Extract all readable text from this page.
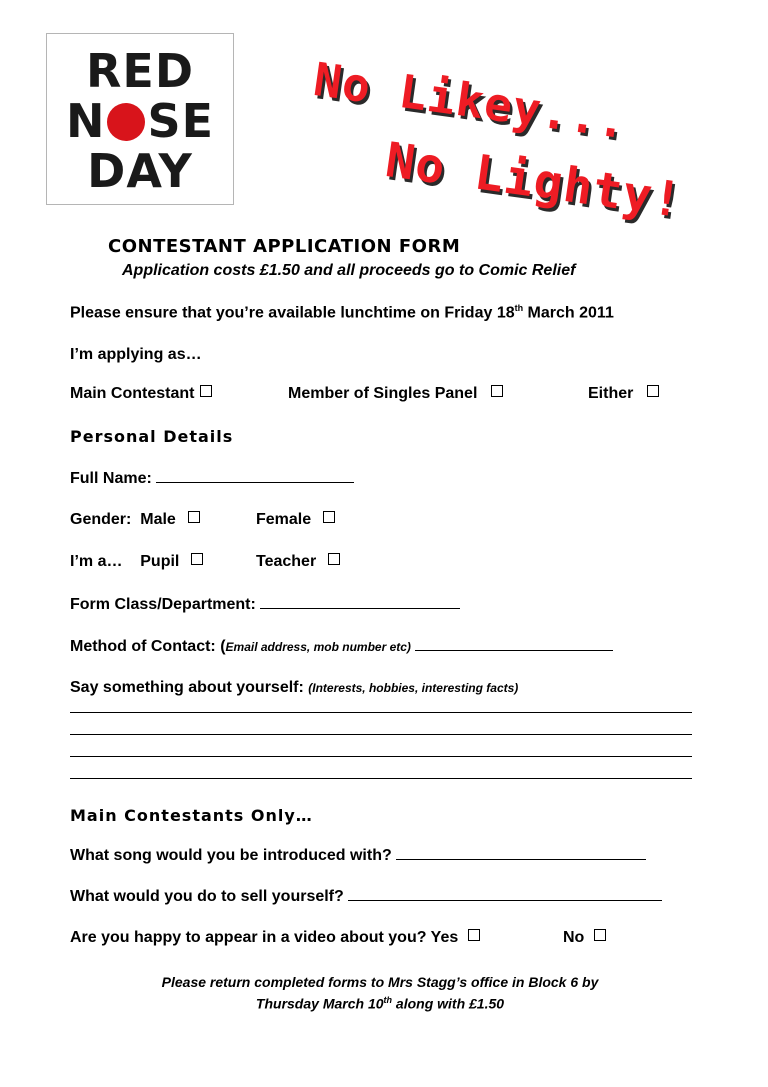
RED
N SE
DAY
No Likey...
No Lighty!
CONTESTANT APPLICATION FORM
Application costs £1.50 and all proceeds go to Comic Relief
Please ensure that you’re available lunchtime on Friday 18th March 2011
I’m applying as…
Main Contestant	Member of Singles Panel	Either
Personal Details
Full Name:
Gender: Male	Female
I’m a… Pupil	Teacher
Form Class/Department:
Method of Contact: (Email address, mob number etc)
Say something about yourself: (Interests, hobbies, interesting facts)
Main Contestants Only…
What song would you be introduced with?
What would you do to sell yourself?
Are you happy to appear in a video about you? Yes	No
Please return completed forms to Mrs Stagg’s office in Block 6 by
Thursday March 10th along with £1.50
